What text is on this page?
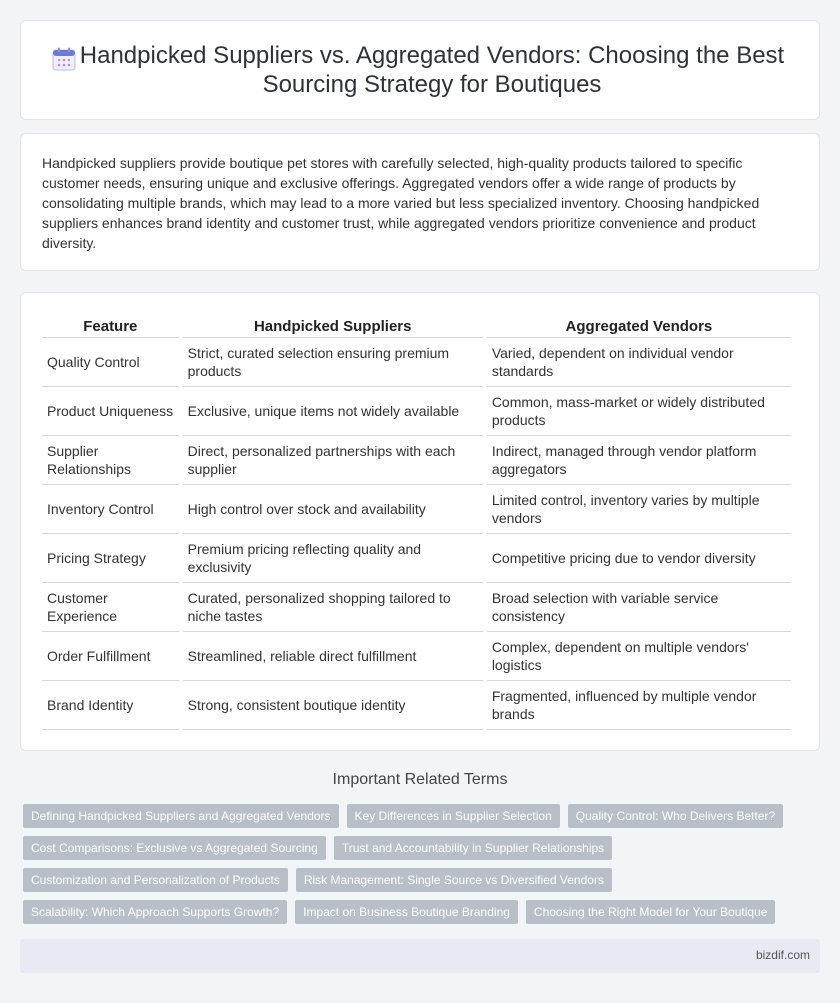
Handpicked Suppliers vs. Aggregated Vendors: Choosing the Best Sourcing Strategy for Boutiques

Handpicked suppliers provide boutique pet stores with carefully selected, high-quality products tailored to specific customer needs, ensuring unique and exclusive offerings. Aggregated vendors offer a wide range of products by consolidating multiple brands, which may lead to a more varied but less specialized inventory. Choosing handpicked suppliers enhances brand identity and customer trust, while aggregated vendors prioritize convenience and product diversity.

Feature	Handpicked Suppliers	Aggregated Vendors
Quality Control	Strict, curated selection ensuring premium products	Varied, dependent on individual vendor standards
Product Uniqueness	Exclusive, unique items not widely available	Common, mass-market or widely distributed products
Supplier Relationships	Direct, personalized partnerships with each supplier	Indirect, managed through vendor platform aggregators
Inventory Control	High control over stock and availability	Limited control, inventory varies by multiple vendors
Pricing Strategy	Premium pricing reflecting quality and exclusivity	Competitive pricing due to vendor diversity
Customer Experience	Curated, personalized shopping tailored to niche tastes	Broad selection with variable service consistency
Order Fulfillment	Streamlined, reliable direct fulfillment	Complex, dependent on multiple vendors' logistics
Brand Identity	Strong, consistent boutique identity	Fragmented, influenced by multiple vendor brands
Important Related Terms
Defining Handpicked Suppliers and Aggregated Vendors	Key Differences in Supplier Selection	Quality Control: Who Delivers Better?
Cost Comparisons: Exclusive vs Aggregated Sourcing	Trust and Accountability in Supplier Relationships
Customization and Personalization of Products	Risk Management: Single Source vs Diversified Vendors
Scalability: Which Approach Supports Growth?	Impact on Business Boutique Branding	Choosing the Right Model for Your Boutique
bizdif.com
